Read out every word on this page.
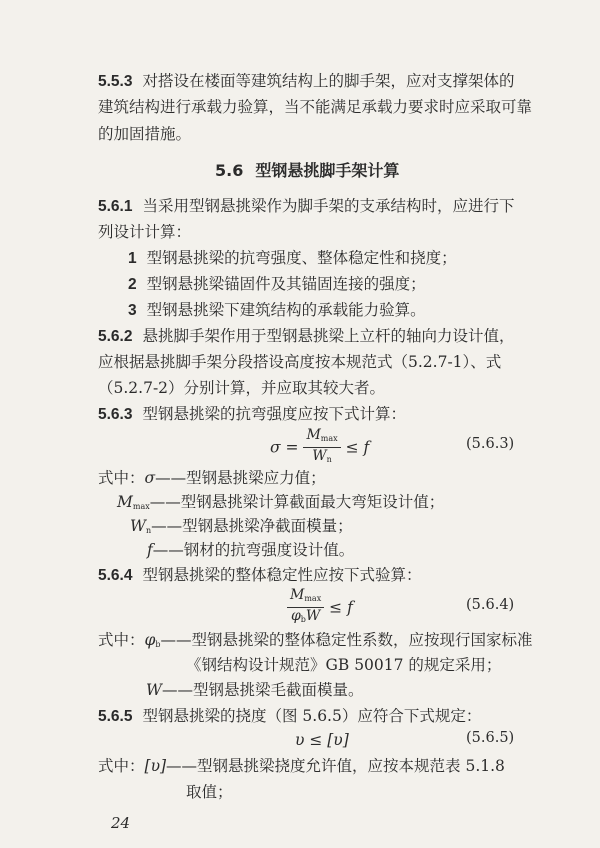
5.5.3 对搭设在楼面等建筑结构上的脚手架，应对支撑架体的
建筑结构进行承载力验算，当不能满足承载力要求时应采取可靠
的加固措施。
5.6 型钢悬挑脚手架计算
5.6.1 当采用型钢悬挑梁作为脚手架的支承结构时，应进行下
列设计计算：
1 型钢悬挑梁的抗弯强度、整体稳定性和挠度；
2 型钢悬挑梁锚固件及其锚固连接的强度；
3 型钢悬挑梁下建筑结构的承载能力验算。
5.6.2 悬挑脚手架作用于型钢悬挑梁上立杆的轴向力设计值，
应根据悬挑脚手架分段搭设高度按本规范式（5.2.7-1）、式
（5.2.7-2）分别计算，并应取其较大者。
5.6.3 型钢悬挑梁的抗弯强度应按下式计算：
$\sigma = \frac{M_{max}}{W_n} \le f$	(5.6.3)
式中：σ——型钢悬挑梁应力值；
$M_{max}——$型钢悬挑梁计算截面最大弯矩设计值；
$W_n——$型钢悬挑梁净截面模量；
f——钢材的抗弯强度设计值。
5.6.4 型钢悬挑梁的整体稳定性应按下式验算：
$\frac{M_{max}}{\varphi_bW} \le f$	(5.6.4)
式中：$\varphi_b——$型钢悬挑梁的整体稳定性系数，应按现行国家标准
《钢结构设计规范》GB 50017 的规定采用；
W——型钢悬挑梁毛截面模量。
5.6.5 型钢悬挑梁的挠度（图 5.6.5）应符合下式规定：
υ ≤ [υ]	(5.6.5)
式中：[υ]——型钢悬挑梁挠度允许值，应按本规范表 5.1.8
取值；
24
